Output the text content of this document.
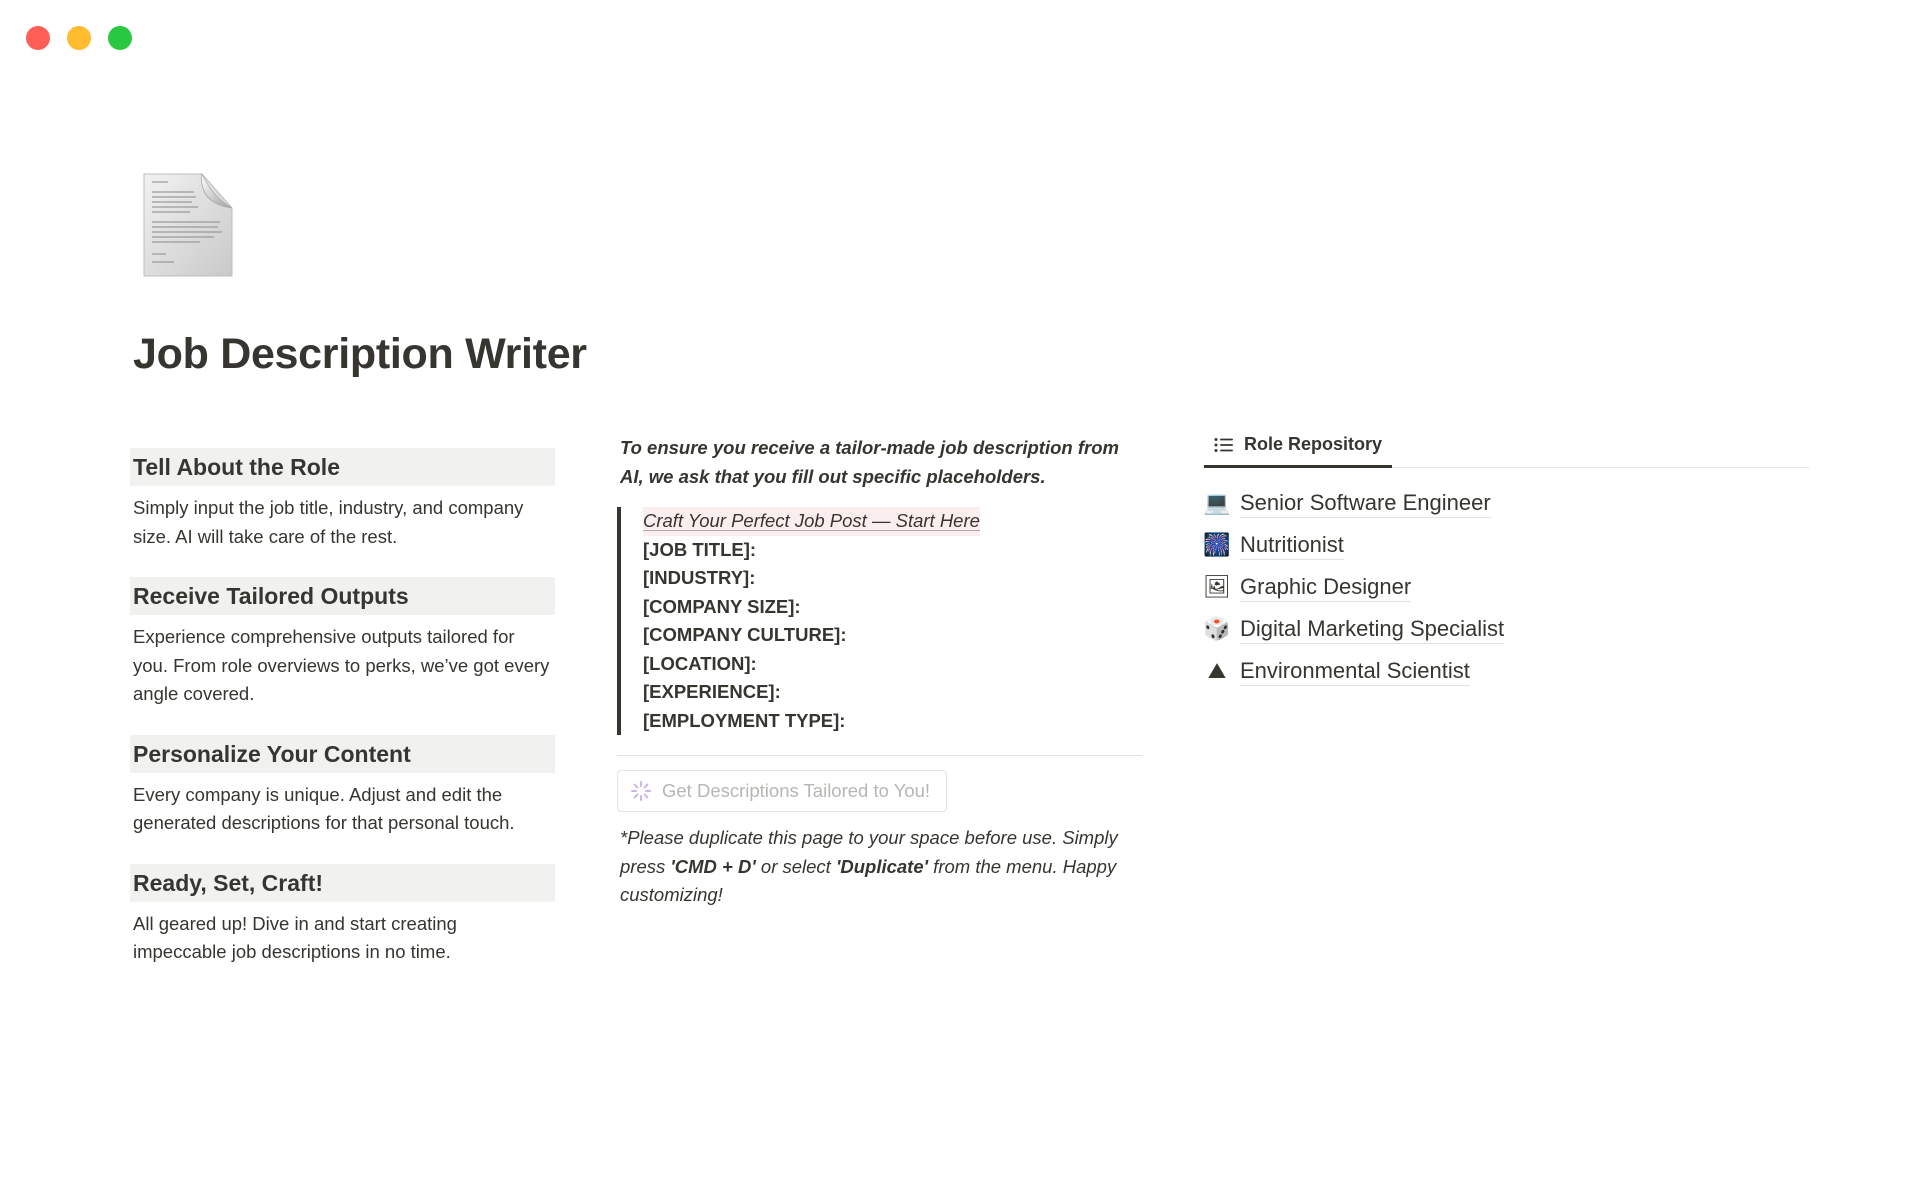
Job Description Writer
Tell About the Role
Simply input the job title, industry, and company size. AI will take care of the rest.
Receive Tailored Outputs
Experience comprehensive outputs tailored for you. From role overviews to perks, we’ve got every angle covered.
Personalize Your Content
Every company is unique. Adjust and edit the generated descriptions for that personal touch.
Ready, Set, Craft!
All geared up! Dive in and start creating impeccable job descriptions in no time.

To ensure you receive a tailor-made job description from AI, we ask that you fill out specific placeholders.

Craft Your Perfect Job Post — Start Here
[JOB TITLE]:
[INDUSTRY]:
[COMPANY SIZE]:
[COMPANY CULTURE]:
[LOCATION]:
[EXPERIENCE]:
[EMPLOYMENT TYPE]:
Get Descriptions Tailored to You!

*Please duplicate this page to your space before use. Simply press 'CMD + D' or select 'Duplicate' from the menu. Happy customizing!

Role Repository
💻 Senior Software Engineer
🎆 Nutritionist
🖼 Graphic Designer
🎲 Digital Marketing Specialist
⛰ Environmental Scientist
